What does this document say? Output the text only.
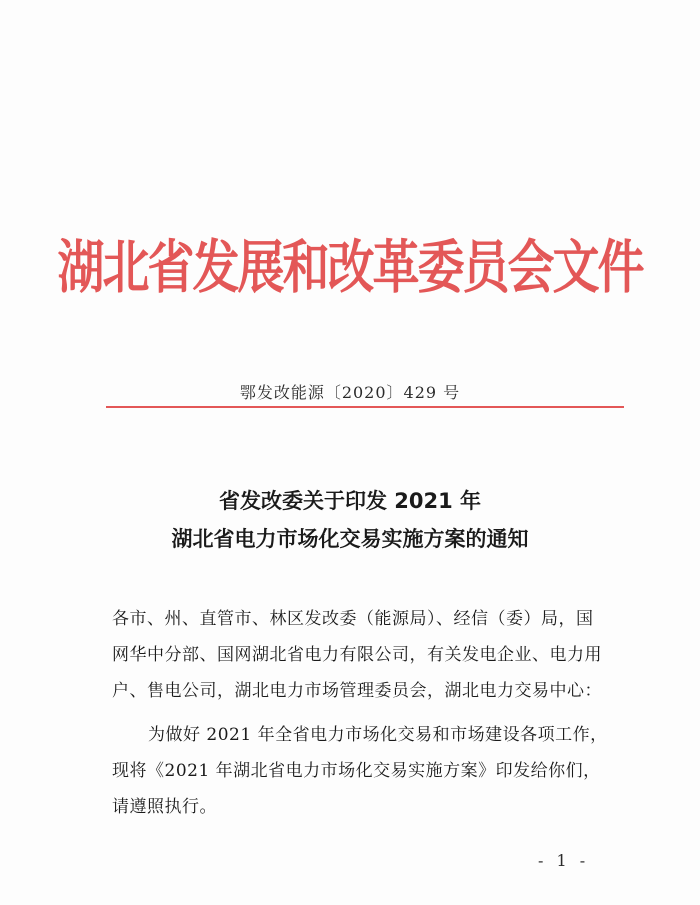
湖北省发展和改革委员会文件
鄂发改能源〔2020〕429 号
省发改委关于印发 2021 年
湖北省电力市场化交易实施方案的通知
各市、州、直管市、林区发改委（能源局）、经信（委）局，国
网华中分部、国网湖北省电力有限公司，有关发电企业、电力用
户、售电公司，湖北电力市场管理委员会，湖北电力交易中心：
为做好 2021 年全省电力市场化交易和市场建设各项工作，
现将《2021 年湖北省电力市场化交易实施方案》印发给你们，
请遵照执行。
- 1 -
